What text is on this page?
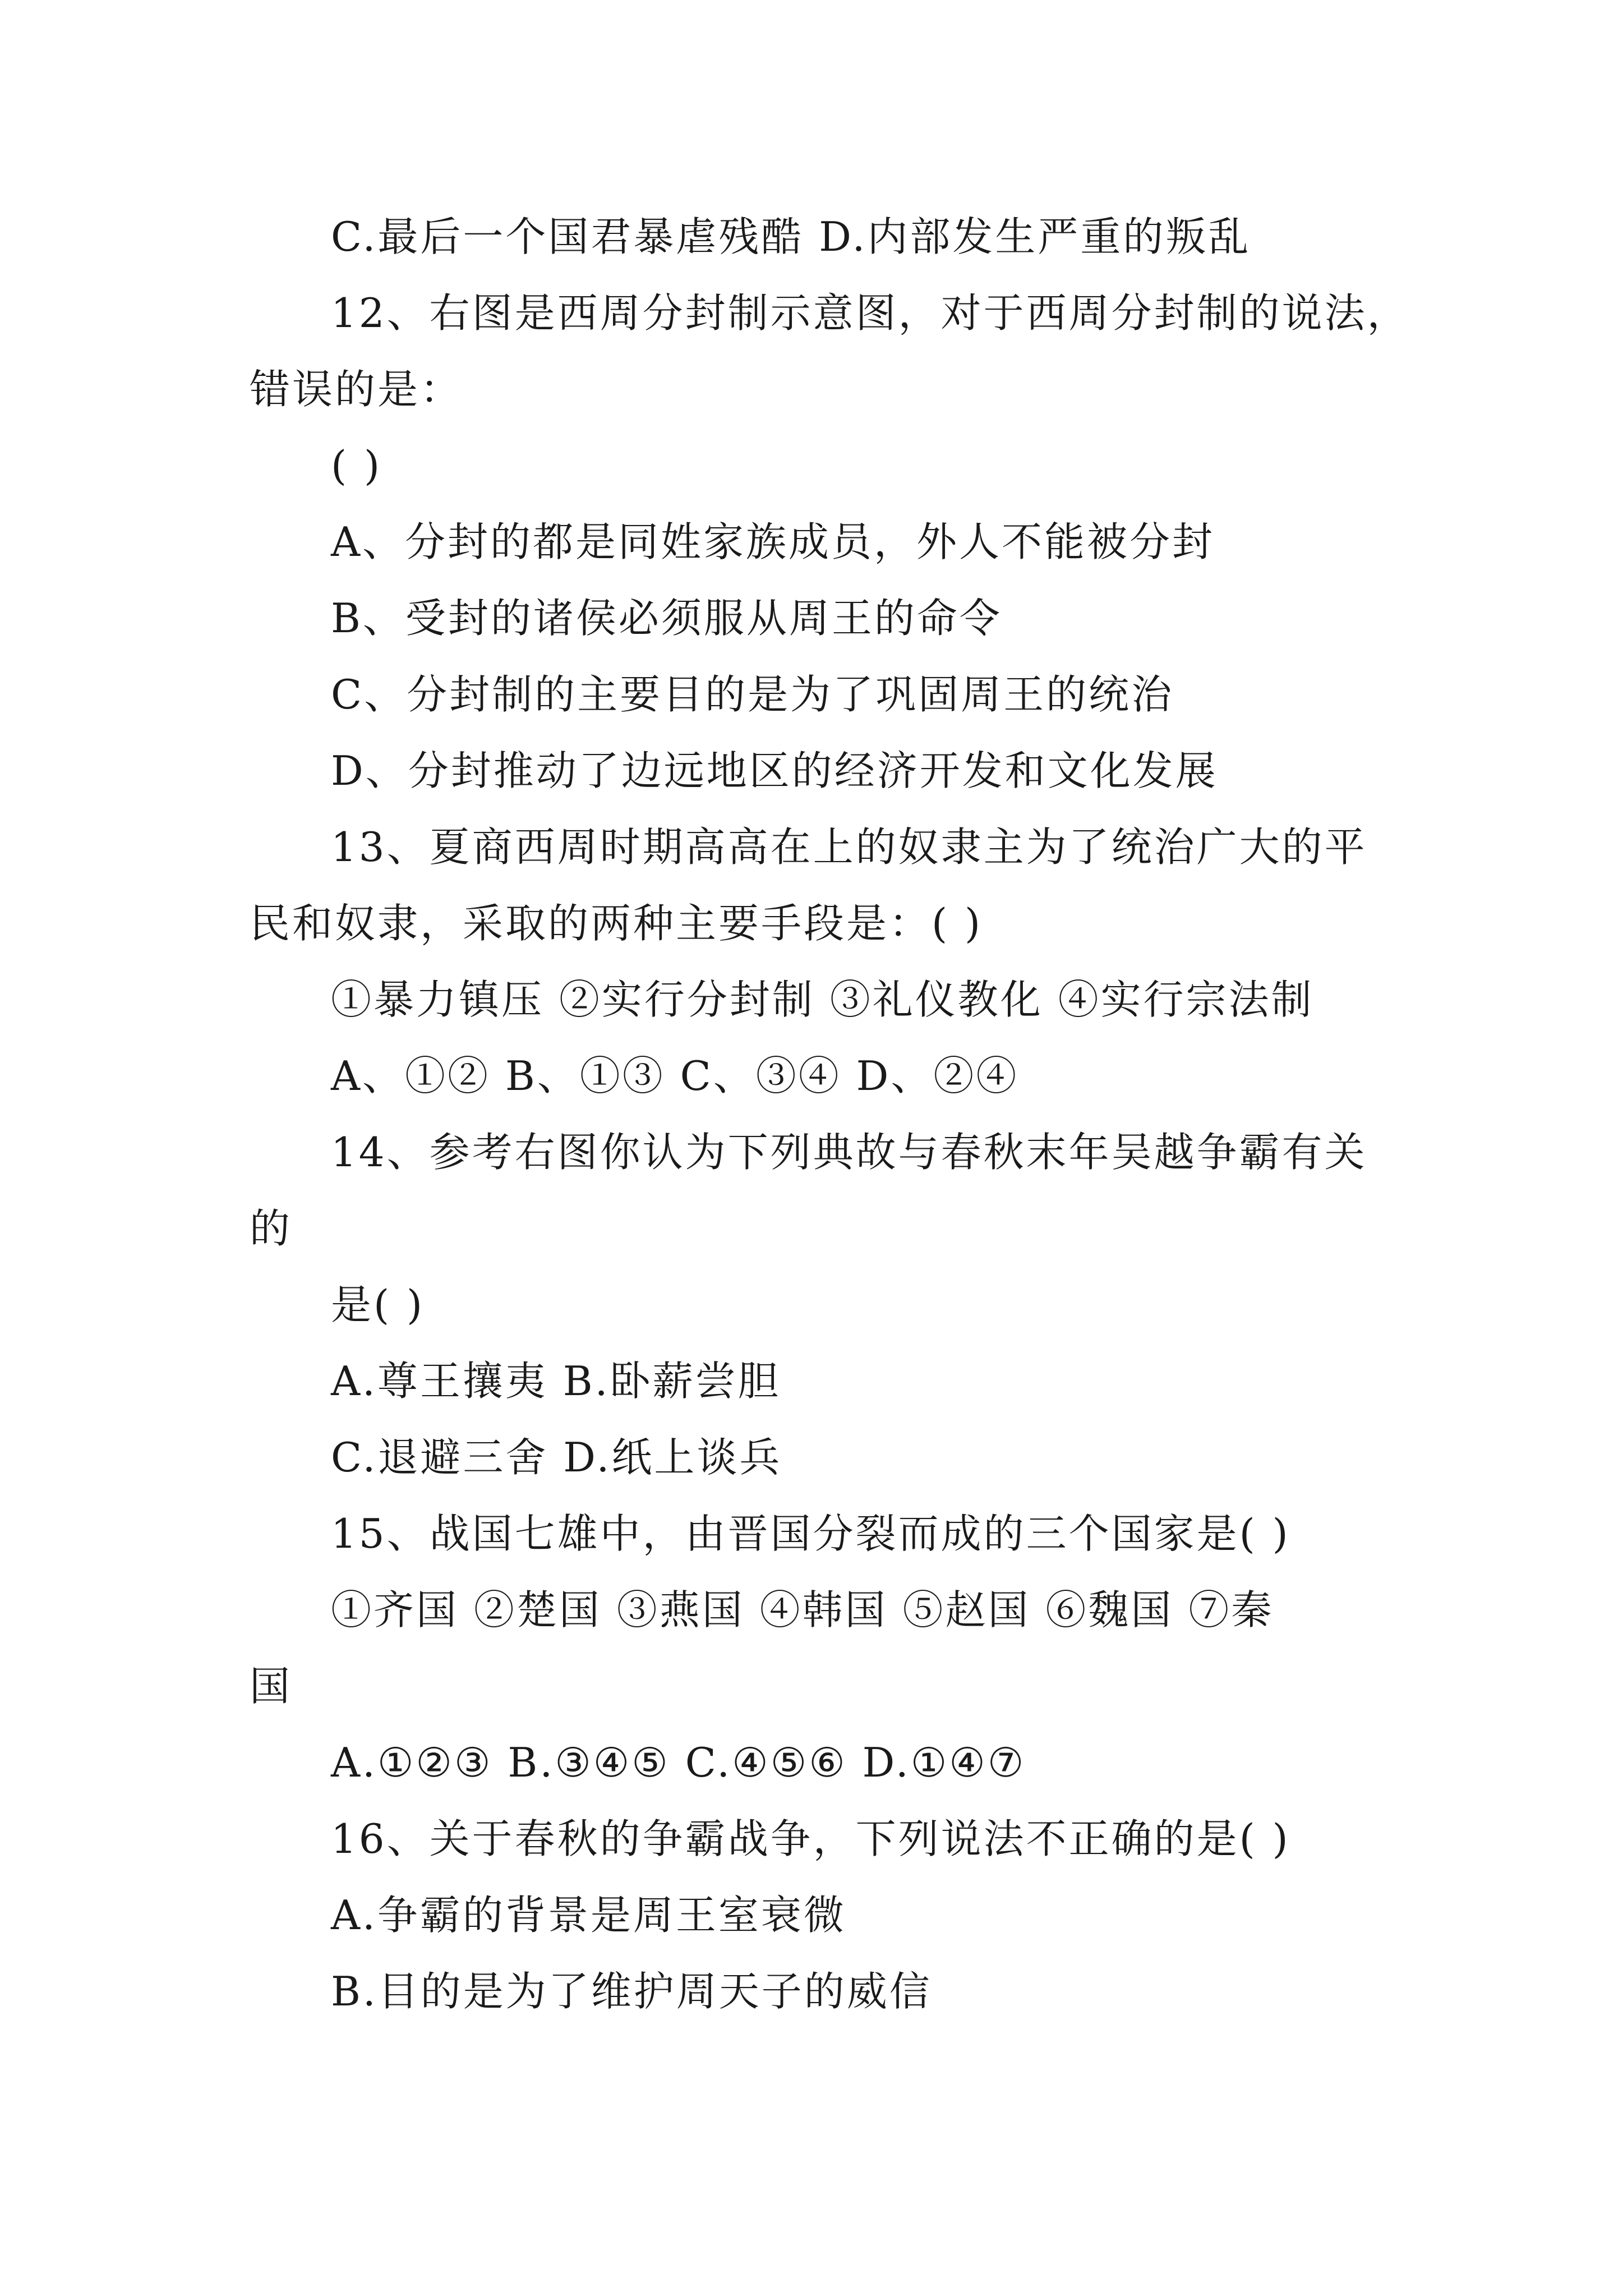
C.最后一个国君暴虐残酷 D.内部发生严重的叛乱

12、右图是西周分封制示意图，对于西周分封制的说法，

错误的是：

( )

A、分封的都是同姓家族成员，外人不能被分封

B、受封的诸侯必须服从周王的命令

C、分封制的主要目的是为了巩固周王的统治

D、分封推动了边远地区的经济开发和文化发展

13、夏商西周时期高高在上的奴隶主为了统治广大的平

民和奴隶，采取的两种主要手段是：( )

①暴力镇压 ②实行分封制 ③礼仪教化 ④实行宗法制

A、①② B、①③ C、③④ D、②④

14、参考右图你认为下列典故与春秋末年吴越争霸有关

的

是( )

A.尊王攘夷 B.卧薪尝胆

C.退避三舍 D.纸上谈兵

15、战国七雄中，由晋国分裂而成的三个国家是( )

①齐国 ②楚国 ③燕国 ④韩国 ⑤赵国 ⑥魏国 ⑦秦

国

A.①②③ B.③④⑤ C.④⑤⑥ D.①④⑦

16、关于春秋的争霸战争，下列说法不正确的是( )

A.争霸的背景是周王室衰微

B.目的是为了维护周天子的威信
